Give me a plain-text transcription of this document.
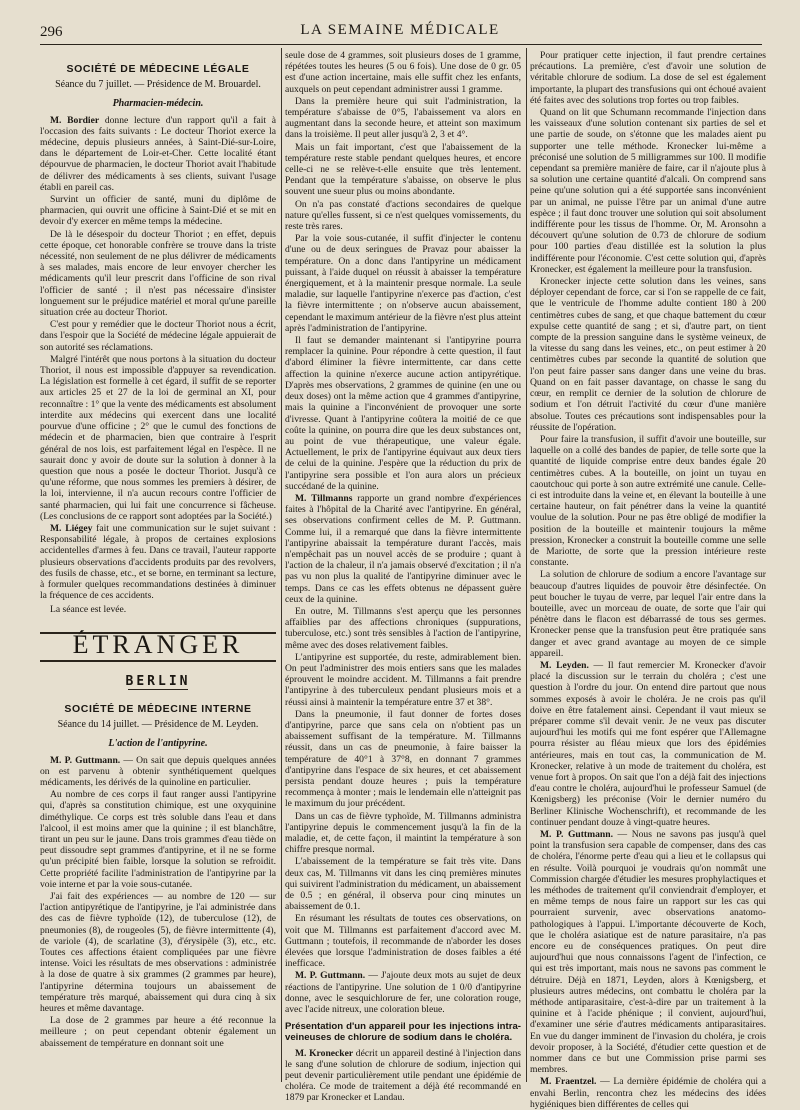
296	LA SEMAINE MÉDICALE
SOCIÉTÉ DE MÉDECINE LÉGALE
Séance du 7 juillet. — Présidence de M. Brouardel.
Pharmacien-médecin.

M. Bordier donne lecture d'un rapport qu'il a fait à l'occasion des faits suivants : Le docteur Thoriot exerce la médecine, depuis plusieurs années, à Saint-Dié-sur-Loire, dans le département de Loir-et-Cher. Cette localité étant dépourvue de pharmacien, le docteur Thoriot avait l'habitude de délivrer des médicaments à ses clients, suivant l'usage établi en pareil cas.

Survint un officier de santé, muni du diplôme de pharmacien, qui ouvrit une officine à Saint-Dié et se mit en devoir d'y exercer en même temps la médecine.

De là le désespoir du docteur Thoriot ; en effet, depuis cette époque, cet honorable confrère se trouve dans la triste nécessité, non seulement de ne plus délivrer de médicaments à ses malades, mais encore de leur envoyer chercher les médicaments qu'il leur prescrit dans l'officine de son rival l'officier de santé ; il n'est pas nécessaire d'insister longuement sur le préjudice matériel et moral qu'une pareille situation crée au docteur Thoriot.

C'est pour y remédier que le docteur Thoriot nous a écrit, dans l'espoir que la Société de médecine légale appuierait de son autorité ses réclamations.

Malgré l'intérêt que nous portons à la situation du docteur Thoriot, il nous est impossible d'appuyer sa revendication. La législation est formelle à cet égard, il suffit de se reporter aux articles 25 et 27 de la loi de germinal an XI, pour reconnaître : 1° que la vente des médicaments est absolument interdite aux médecins qui exercent dans une localité pourvue d'une officine ; 2° que le cumul des fonctions de médecin et de pharmacien, bien que contraire à l'esprit général de nos lois, est parfaitement légal en l'espèce. Il ne saurait donc y avoir de doute sur la solution à donner à la question que nous a posée le docteur Thoriot. Jusqu'à ce qu'une réforme, que nous sommes les premiers à désirer, de la loi, intervienne, il n'a aucun recours contre l'officier de santé pharmacien, qui lui fait une concurrence si fâcheuse. (Les conclusions de ce rapport sont adoptées par la Société.)

M. Liégey fait une communication sur le sujet suivant : Responsabilité légale, à propos de certaines explosions accidentelles d'armes à feu. Dans ce travail, l'auteur rapporte plusieurs observations d'accidents produits par des revolvers, des fusils de chasse, etc., et se borne, en terminant sa lecture, à formuler quelques recommandations destinées à diminuer la fréquence de ces accidents.

La séance est levée.

ÉTRANGER
BERLIN
SOCIÉTÉ DE MÉDECINE INTERNE
Séance du 14 juillet. — Présidence de M. Leyden.
L'action de l'antipyrine.

M. P. Guttmann. — On sait que depuis quelques années on est parvenu à obtenir synthétiquement quelques médicaments, les dérivés de la quinoline en particulier.

Au nombre de ces corps il faut ranger aussi l'antipyrine qui, d'après sa constitution chimique, est une oxyquinine diméthylique. Ce corps est très soluble dans l'eau et dans l'alcool, il est moins amer que la quinine ; il est blanchâtre, tirant un peu sur le jaune. Dans trois grammes d'eau tiède on peut dissoudre sept grammes d'antipyrine, et il ne se forme qu'un précipité bien faible, lorsque la solution se refroidit. Cette propriété facilite l'administration de l'antipyrine par la voie interne et par la voie sous-cutanée.

J'ai fait des expériences — au nombre de 120 — sur l'action antipyrétique de l'antipyrine, je l'ai administrée dans des cas de fièvre typhoïde (12), de tuberculose (12), de pneumonies (8), de rougeoles (5), de fièvre intermittente (4), de variole (4), de scarlatine (3), d'érysipèle (3), etc., etc. Toutes ces affections étaient compliquées par une fièvre intense. Voici les résultats de mes observations : administrée à la dose de quatre à six grammes (2 grammes par heure), l'antipyrine détermina toujours un abaissement de température très marqué, abaissement qui dura cinq à six heures et même davantage.

La dose de 2 grammes par heure a été reconnue la meilleure ; on peut cependant obtenir également un abaissement de température en donnant soit une

seule dose de 4 grammes, soit plusieurs doses de 1 gramme, répétées toutes les heures (5 ou 6 fois). Une dose de 0 gr. 05 est d'une action incertaine, mais elle suffit chez les enfants, auxquels on peut cependant administrer aussi 1 gramme.

Dans la première heure qui suit l'administration, la température s'abaisse de 0°5, l'abaissement va alors en augmentant dans la seconde heure, et atteint son maximum dans la troisième. Il peut aller jusqu'à 2, 3 et 4°.

Mais un fait important, c'est que l'abaissement de la température reste stable pendant quelques heures, et encore celle-ci ne se relève-t-elle ensuite que très lentement. Pendant que la température s'abaisse, on observe le plus souvent une sueur plus ou moins abondante.

On n'a pas constaté d'actions secondaires de quelque nature qu'elles fussent, si ce n'est quelques vomissements, du reste très rares.

Par la voie sous-cutanée, il suffit d'injecter le contenu d'une ou de deux seringues de Pravaz pour abaisser la température. On a donc dans l'antipyrine un médicament puissant, à l'aide duquel on réussit à abaisser la température énergiquement, et à la maintenir presque normale. La seule maladie, sur laquelle l'antipyrine n'exerce pas d'action, c'est la fièvre intermittente ; on n'observe aucun abaissement, cependant le maximum antérieur de la fièvre n'est plus atteint après l'administration de l'antipyrine.

Il faut se demander maintenant si l'antipyrine pourra remplacer la quinine. Pour répondre à cette question, il faut d'abord éliminer la fièvre intermittente, car dans cette affection la quinine n'exerce aucune action antipyrétique. D'après mes observations, 2 grammes de quinine (en une ou deux doses) ont la même action que 4 grammes d'antipyrine, mais la quinine a l'inconvénient de provoquer une sorte d'ivresse. Quant à l'antipyrine coûtera la moitié de ce que coûte la quinine, on pourra dire que les deux substances ont, au point de vue thérapeutique, une valeur égale. Actuellement, le prix de l'antipyrine équivaut aux deux tiers de celui de la quinine. J'espère que la réduction du prix de l'antipyrine sera possible et l'on aura alors un précieux succédané de la quinine.

M. Tillmanns rapporte un grand nombre d'expériences faites à l'hôpital de la Charité avec l'antipyrine. En général, ses observations confirment celles de M. P. Guttmann. Comme lui, il a remarqué que dans la fièvre intermittente l'antipyrine abaissait la température durant l'accès, mais n'empêchait pas un nouvel accès de se produire ; quant à l'action de la chaleur, il n'a jamais observé d'excitation ; il n'a pas vu non plus la qualité de l'antipyrine diminuer avec le temps. Dans ce cas les effets obtenus ne dépassent guère ceux de la quinine.

En outre, M. Tillmanns s'est aperçu que les personnes affaiblies par des affections chroniques (suppurations, tuberculose, etc.) sont très sensibles à l'action de l'antipyrine, même avec des doses relativement faibles.

L'antipyrine est supportée, du reste, admirablement bien. On peut l'administrer des mois entiers sans que les malades éprouvent le moindre accident. M. Tillmanns a fait prendre l'antipyrine à des tuberculeux pendant plusieurs mois et a réussi ainsi à maintenir la température entre 37 et 38°.

Dans la pneumonie, il faut donner de fortes doses d'antipyrine, parce que sans cela on n'obtient pas un abaissement suffisant de la température. M. Tillmanns réussit, dans un cas de pneumonie, à faire baisser la température de 40°1 à 37°8, en donnant 7 grammes d'antipyrine dans l'espace de six heures, et cet abaissement persista pendant douze heures ; puis la température recommença à monter ; mais le lendemain elle n'atteignit pas le maximum du jour précédent.

Dans un cas de fièvre typhoïde, M. Tillmanns administra l'antipyrine depuis le commencement jusqu'à la fin de la maladie, et, de cette façon, il maintint la température à son chiffre presque normal.

L'abaissement de la température se fait très vite. Dans deux cas, M. Tillmanns vit dans les cinq premières minutes qui suivirent l'administration du médicament, un abaissement de 0.5 ; en général, il observa pour cinq minutes un abaissement de 0.1.

En résumant les résultats de toutes ces observations, on voit que M. Tillmanns est parfaitement d'accord avec M. Guttmann ; toutefois, il recommande de n'aborder les doses élevées que lorsque l'administration de doses faibles a été inefficace.

M. P. Guttmann. — J'ajoute deux mots au sujet de deux réactions de l'antipyrine. Une solution de 1 0/0 d'antipyrine donne, avec le sesquichlorure de fer, une coloration rouge, avec l'acide nitreux, une coloration bleue.

Présentation d'un appareil pour les injections intra-veineuses de chlorure de sodium dans le choléra.

M. Kronecker décrit un appareil destiné à l'injection dans le sang d'une solution de chlorure de sodium, injection qui peut devenir particulièrement utile pendant une épidémie de choléra. Ce mode de traitement a déjà été recommandé en 1879 par Kronecker et Landau.

Pour pratiquer cette injection, il faut prendre certaines précautions. La première, c'est d'avoir une solution de véritable chlorure de sodium. La dose de sel est également importante, la plupart des transfusions qui ont échoué avaient été faites avec des solutions trop fortes ou trop faibles.

Quand on lit que Schumann recommande l'injection dans les vaisseaux d'une solution contenant six parties de sel et une partie de soude, on s'étonne que les malades aient pu supporter une telle méthode. Kronecker lui-même a préconisé une solution de 5 milligrammes sur 100. Il modifie cependant sa première manière de faire, car il n'ajoute plus à sa solution une certaine quantité d'alcali. On comprend sans peine qu'une solution qui a été supportée sans inconvénient par un animal, ne puisse l'être par un animal d'une autre espèce ; il faut donc trouver une solution qui soit absolument indifférente pour les tissus de l'homme. Or, M. Aronsohn a découvert qu'une solution de 0.73 de chlorure de sodium pour 100 parties d'eau distillée est la solution la plus indifférente pour l'économie. C'est cette solution qui, d'après Kronecker, est également la meilleure pour la transfusion.

Kronecker injecte cette solution dans les veines, sans déployer cependant de force, car si l'on se rappelle de ce fait, que le ventricule de l'homme adulte contient 180 à 200 centimètres cubes de sang, et que chaque battement du cœur expulse cette quantité de sang ; et si, d'autre part, on tient compte de la pression sanguine dans le système veineux, de la vitesse du sang dans les veines, etc., on peut estimer à 20 centimètres cubes par seconde la quantité de solution que l'on peut faire passer sans danger dans une veine du bras. Quand on en fait passer davantage, on chasse le sang du cœur, en remplit ce dernier de la solution de chlorure de sodium et l'on détruit l'activité du cœur d'une manière absolue. Toutes ces précautions sont indispensables pour la réussite de l'opération.

Pour faire la transfusion, il suffit d'avoir une bouteille, sur laquelle on a collé des bandes de papier, de telle sorte que la quantité de liquide comprise entre deux bandes égale 20 centimètres cubes. A la bouteille, on joint un tuyau en caoutchouc qui porte à son autre extrémité une canule. Celle-ci est introduite dans la veine et, en élevant la bouteille à une certaine hauteur, on fait pénétrer dans la veine la quantité voulue de la solution. Pour ne pas être obligé de modifier la position de la bouteille et maintenir toujours la même pression, Kronecker a construit la bouteille comme une selle de Mariotte, de sorte que la pression intérieure reste constante.

La solution de chlorure de sodium a encore l'avantage sur beaucoup d'autres liquides de pouvoir être désinfectée. On peut boucher le tuyau de verre, par lequel l'air entre dans la bouteille, avec un morceau de ouate, de sorte que l'air qui pénètre dans le flacon est débarrassé de tous ses germes. Kronecker pense que la transfusion peut être pratiquée sans danger et avec grand avantage au moyen de ce simple appareil.

M. Leyden. — Il faut remercier M. Kronecker d'avoir placé la discussion sur le terrain du choléra ; c'est une question à l'ordre du jour. On entend dire partout que nous sommes exposés à avoir le choléra. Je ne crois pas qu'il doive en être fatalement ainsi. Cependant il vaut mieux se préparer comme s'il devait venir. Je ne veux pas discuter aujourd'hui les motifs qui me font espérer que l'Allemagne pourra résister au fléau mieux que lors des épidémies antérieures, mais en tout cas, la communication de M. Kronecker, relative à un mode de traitement du choléra, est venue fort à propos. On sait que l'on a déjà fait des injections d'eau contre le choléra, aujourd'hui le professeur Samuel (de Kœnigsberg) les préconise (Voir le dernier numéro du Berliner Klinische Wochenschrift), et recommande de les continuer pendant douze à vingt-quatre heures.

M. P. Guttmann. — Nous ne savons pas jusqu'à quel point la transfusion sera capable de compenser, dans des cas de choléra, l'énorme perte d'eau qui a lieu et le collapsus qui en résulte. Voilà pourquoi je voudrais qu'on nommât une Commission chargée d'étudier les mesures prophylactiques et les méthodes de traitement qu'il conviendrait d'employer, et en même temps de nous faire un rapport sur les cas qui pourraient survenir, avec observations anatomo-pathologiques à l'appui. L'importante découverte de Koch, que le choléra asiatique est de nature parasitaire, n'a pas encore eu de conséquences pratiques. On peut dire aujourd'hui que nous connaissons l'agent de l'infection, ce qui est très important, mais nous ne savons pas comment le détruire. Déjà en 1871, Leyden, alors à Kœnigsberg, et plusieurs autres médecins, ont combattu le choléra par la méthode antiparasitaire, c'est-à-dire par un traitement à la quinine et à l'acide phénique ; il convient, aujourd'hui, d'examiner une série d'autres médicaments antiparasitaires. En vue du danger imminent de l'invasion du choléra, je crois devoir proposer, à la Société, d'étudier cette question et de nommer dans ce but une Commission prise parmi ses membres.

M. Fraentzel. — La dernière épidémie de choléra qui a envahi Berlin, rencontra chez les médecins des idées hygiéniques bien différentes de celles qui
